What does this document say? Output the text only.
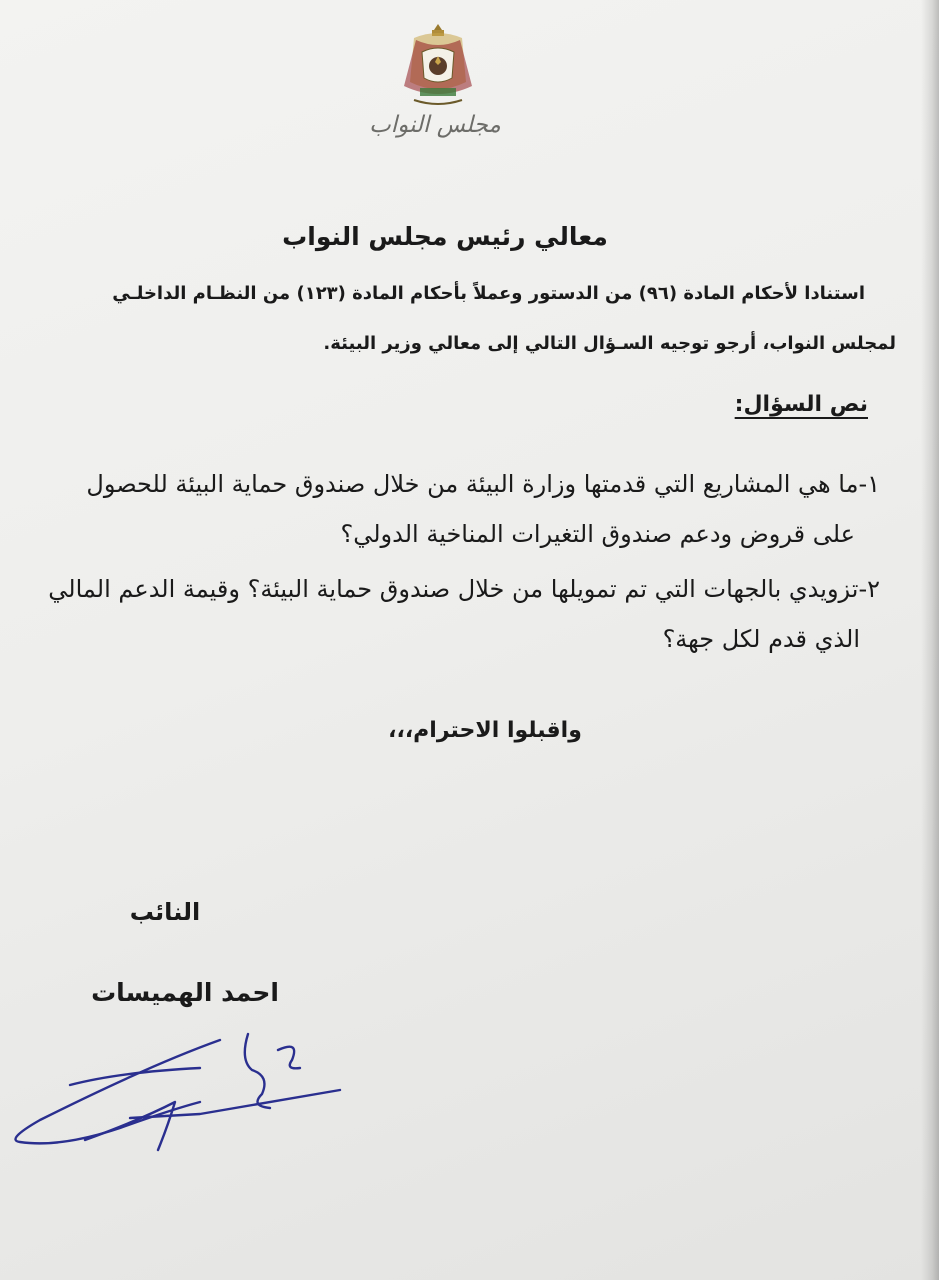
مجلس النواب
معالي رئيس مجلس النواب
استنادا لأحكام المادة (٩٦) من الدستور وعملاً بأحكام المادة (١٢٣) من النظـام الداخلـي
لمجلس النواب، أرجو توجيه السـؤال التالي إلى معالي وزير البيئة.
نص السؤال:
١-ما هي المشاريع التي قدمتها وزارة البيئة من خلال صندوق حماية البيئة للحصول
على قروض ودعم صندوق التغيرات المناخية الدولي؟
٢-تزويدي بالجهات التي تم تمويلها من خلال صندوق حماية البيئة؟ وقيمة الدعم المالي
الذي قدم لكل جهة؟
واقبلوا الاحترام،،،
النائب
احمد الهميسات
